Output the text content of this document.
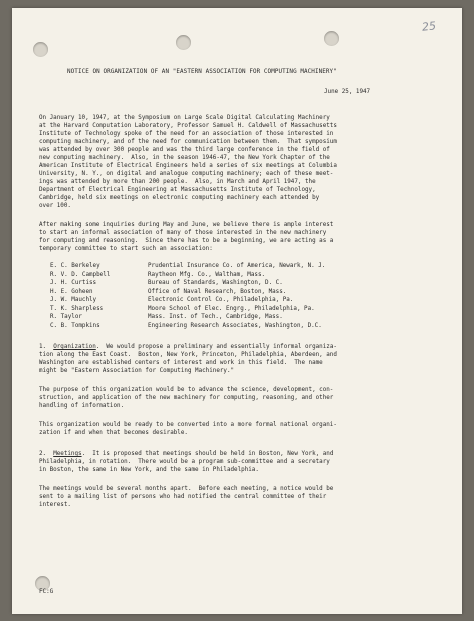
25
NOTICE ON ORGANIZATION OF AN "EASTERN ASSOCIATION FOR COMPUTING MACHINERY"
June 25, 1947
On January 10, 1947, at the Symposium on Large Scale Digital Calculating Machinery
at the Harvard Computation Laboratory, Professor Samuel H. Caldwell of Massachusetts
Institute of Technology spoke of the need for an association of those interested in
computing machinery, and of the need for communication between them.  That symposium
was attended by over 300 people and was the third large conference in the field of
new computing machinery.  Also, in the season 1946-47, the New York Chapter of the
American Institute of Electrical Engineers held a series of six meetings at Columbia
University, N. Y., on digital and analogue computing machinery; each of these meet-
ings was attended by more than 200 people.  Also, in March and April 1947, the
Department of Electrical Engineering at Massachusetts Institute of Technology,
Cambridge, held six meetings on electronic computing machinery each attended by
over 100.
After making some inquiries during May and June, we believe there is ample interest
to start an informal association of many of those interested in the new machinery
for computing and reasoning.  Since there has to be a beginning, we are acting as a
temporary committee to start such an association:
E. C. Berkeley	Prudential Insurance Co. of America, Newark, N. J.
R. V. D. Campbell	Raytheon Mfg. Co., Waltham, Mass.
J. H. Curtiss	Bureau of Standards, Washington, D. C.
H. E. Goheen	Office of Naval Research, Boston, Mass.
J. W. Mauchly	Electronic Control Co., Philadelphia, Pa.
T. K. Sharpless	Moore School of Elec. Engrg., Philadelphia, Pa.
R. Taylor	Mass. Inst. of Tech., Cambridge, Mass.
C. B. Tompkins	Engineering Research Associates, Washington, D.C.
1. Organization.  We would propose a preliminary and essentially informal organiza-
tion along the East Coast.  Boston, New York, Princeton, Philadelphia, Aberdeen, and
Washington are established centers of interest and work in this field.  The name
might be "Eastern Association for Computing Machinery."
The purpose of this organization would be to advance the science, development, con-
struction, and application of the new machinery for computing, reasoning, and other
handling of information.
This organization would be ready to be converted into a more formal national organi-
zation if and when that becomes desirable.
2. Meetings.  It is proposed that meetings should be held in Boston, New York, and
Philadelphia, in rotation.  There would be a program sub-committee and a secretary
in Boston, the same in New York, and the same in Philadelphia.
The meetings would be several months apart.  Before each meeting, a notice would be
sent to a mailing list of persons who had notified the central committee of their
interest.
FC:G
